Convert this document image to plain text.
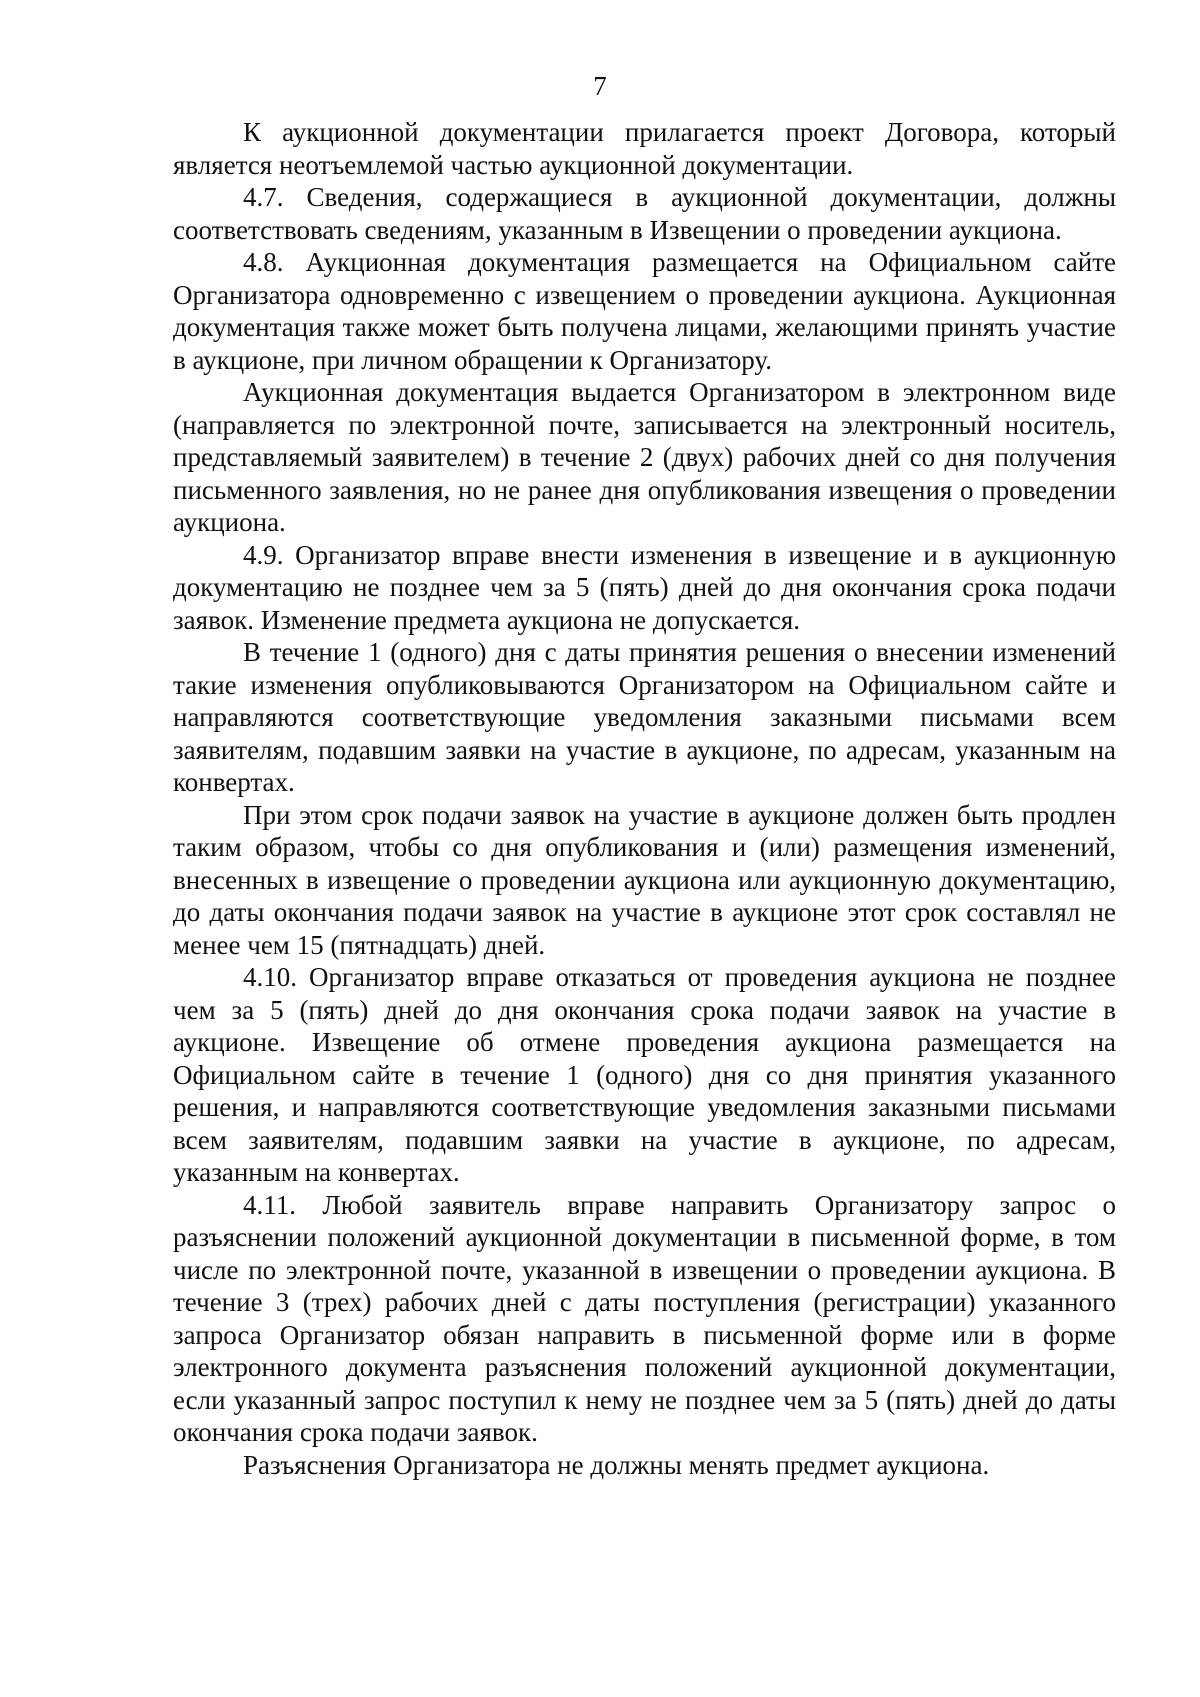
7

К аукционной документации прилагается проект Договора, который является неотъемлемой частью аукционной документации.

4.7. Сведения, содержащиеся в аукционной документации, должны соответствовать сведениям, указанным в Извещении о проведении аукциона.

4.8. Аукционная документация размещается на Официальном сайте Организатора одновременно с извещением о проведении аукциона. Аукционная документация также может быть получена лицами, желающими принять участие в аукционе, при личном обращении к Организатору.

Аукционная документация выдается Организатором в электронном виде (направляется по электронной почте, записывается на электронный носитель, представляемый заявителем) в течение 2 (двух) рабочих дней со дня получения письменного заявления, но не ранее дня опубликования извещения о проведении аукциона.

4.9. Организатор вправе внести изменения в извещение и в аукционную документацию не позднее чем за 5 (пять) дней до дня окончания срока подачи заявок. Изменение предмета аукциона не допускается.

В течение 1 (одного) дня с даты принятия решения о внесении изменений такие изменения опубликовываются Организатором на Официальном сайте и направляются соответствующие уведомления заказными письмами всем заявителям, подавшим заявки на участие в аукционе, по адресам, указанным на конвертах.

При этом срок подачи заявок на участие в аукционе должен быть продлен таким образом, чтобы со дня опубликования и (или) размещения изменений, внесенных в извещение о проведении аукциона или аукционную документацию, до даты окончания подачи заявок на участие в аукционе этот срок составлял не менее чем 15 (пятнадцать) дней.

4.10. Организатор вправе отказаться от проведения аукциона не позднее чем за 5 (пять) дней до дня окончания срока подачи заявок на участие в аукционе. Извещение об отмене проведения аукциона размещается на Официальном сайте в течение 1 (одного) дня со дня принятия указанного решения, и направляются соответствующие уведомления заказными письмами всем заявителям, подавшим заявки на участие в аукционе, по адресам, указанным на конвертах.

4.11. Любой заявитель вправе направить Организатору запрос о разъяснении положений аукционной документации в письменной форме, в том числе по электронной почте, указанной в извещении о проведении аукциона. В течение 3 (трех) рабочих дней с даты поступления (регистрации) указанного запроса Организатор обязан направить в письменной форме или в форме электронного документа разъяснения положений аукционной документации, если указанный запрос поступил к нему не позднее чем за 5 (пять) дней до даты окончания срока подачи заявок.

Разъяснения Организатора не должны менять предмет аукциона.
